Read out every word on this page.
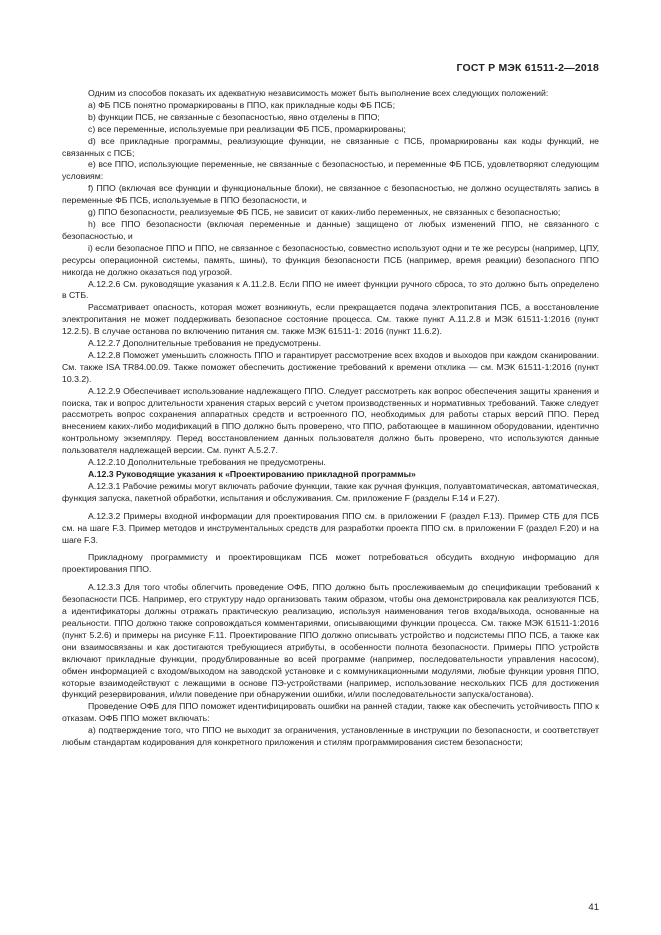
ГОСТ Р МЭК 61511-2—2018

Одним из способов показать их адекватную независимость может быть выполнение всех следующих положений:

a) ФБ ПСБ понятно промаркированы в ППО, как прикладные коды ФБ ПСБ;

b) функции ПСБ, не связанные с безопасностью, явно отделены в ППО;

c) все переменные, используемые при реализации ФБ ПСБ, промаркированы;

d) все прикладные программы, реализующие функции, не связанные с ПСБ, промаркированы как коды функций, не связанных с ПСБ;

e) все ППО, использующие переменные, не связанные с безопасностью, и переменные ФБ ПСБ, удовлетворяют следующим условиям:

f) ППО (включая все функции и функциональные блоки), не связанное с безопасностью, не должно осуществлять запись в переменные ФБ ПСБ, используемые в ППО безопасности, и

g) ППО безопасности, реализуемые ФБ ПСБ, не зависит от каких-либо переменных, не связанных с безопасностью;

h) все ППО безопасности (включая переменные и данные) защищено от любых изменений ППО, не связанного с безопасностью, и

i) если безопасное ППО и ППО, не связанное с безопасностью, совместно используют одни и те же ресурсы (например, ЦПУ, ресурсы операционной системы, память, шины), то функция безопасности ПСБ (например, время реакции) безопасного ППО никогда не должно оказаться под угрозой.

А.12.2.6 См. руководящие указания к А.11.2.8. Если ППО не имеет функции ручного сброса, то это должно быть определено в СТБ.

Рассматривает опасность, которая может возникнуть, если прекращается подача электропитания ПСБ, а восстановление электропитания не может поддерживать безопасное состояние процесса. См. также пункт А.11.2.8 и МЭК 61511-1:2016 (пункт 12.2.5). В случае останова по включению питания см. также МЭК 61511-1: 2016 (пункт 11.6.2).

А.12.2.7 Дополнительные требования не предусмотрены.

А.12.2.8 Поможет уменьшить сложность ППО и гарантирует рассмотрение всех входов и выходов при каждом сканировании. См. также ISA TR84.00.09. Также поможет обеспечить достижение требований к времени отклика — см. МЭК 61511-1:2016 (пункт 10.3.2).

А.12.2.9 Обеспечивает использование надлежащего ППО. Следует рассмотреть как вопрос обеспечения защиты хранения и поиска, так и вопрос длительности хранения старых версий с учетом производственных и нормативных требований. Также следует рассмотреть вопрос сохранения аппаратных средств и встроенного ПО, необходимых для работы старых версий ППО. Перед внесением каких-либо модификаций в ППО должно быть проверено, что ППО, работающее в машинном оборудовании, идентично контрольному экземпляру. Перед восстановлением данных пользователя должно быть проверено, что используются данные пользователя надлежащей версии. См. пункт А.5.2.7.

А.12.2.10 Дополнительные требования не предусмотрены.

А.12.3 Руководящие указания к «Проектированию прикладной программы»

А.12.3.1 Рабочие режимы могут включать рабочие функции, такие как ручная функция, полуавтоматическая, автоматическая, функция запуска, пакетной обработки, испытания и обслуживания. См. приложение F (разделы F.14 и F.27).

А.12.3.2 Примеры входной информации для проектирования ППО см. в приложении F (раздел F.13). Пример СТБ для ПСБ см. на шаге F.3. Пример методов и инструментальных средств для разработки проекта ППО см. в приложении F (раздел F.20) и на шаге F.3.

Прикладному программисту и проектировщикам ПСБ может потребоваться обсудить входную информацию для проектирования ППО.

А.12.3.3 Для того чтобы облегчить проведение ОФБ, ППО должно быть прослеживаемым до спецификации требований к безопасности ПСБ. Например, его структуру надо организовать таким образом, чтобы она демонстрировала как реализуются ПСБ, а идентификаторы должны отражать практическую реализацию, используя наименования тегов входа/выхода, основанные на реальности. ППО должно также сопровождаться комментариями, описывающими функции процесса. См. также МЭК 61511-1:2016 (пункт 5.2.6) и примеры на рисунке F.11. Проектирование ППО должно описывать устройство и подсистемы ППО ПСБ, а также как они взаимосвязаны и как достигаются требующиеся атрибуты, в особенности полнота безопасности. Примеры ППО устройств включают прикладные функции, продублированные во всей программе (например, последовательности управления насосом), обмен информацией с входом/выходом на заводской установке и с коммуникационными модулями, любые функции уровня ППО, которые взаимодействуют с лежащими в основе ПЭ-устройствами (например, использование нескольких ПСБ для достижения функций резервирования, и/или поведение при обнаружении ошибки, и/или последовательности запуска/останова).

Проведение ОФБ для ППО поможет идентифицировать ошибки на ранней стадии, также как обеспечить устойчивость ППО к отказам. ОФБ ППО может включать:

a) подтверждение того, что ППО не выходит за ограничения, установленные в инструкции по безопасности, и соответствует любым стандартам кодирования для конкретного приложения и стилям программирования систем безопасности;

41
